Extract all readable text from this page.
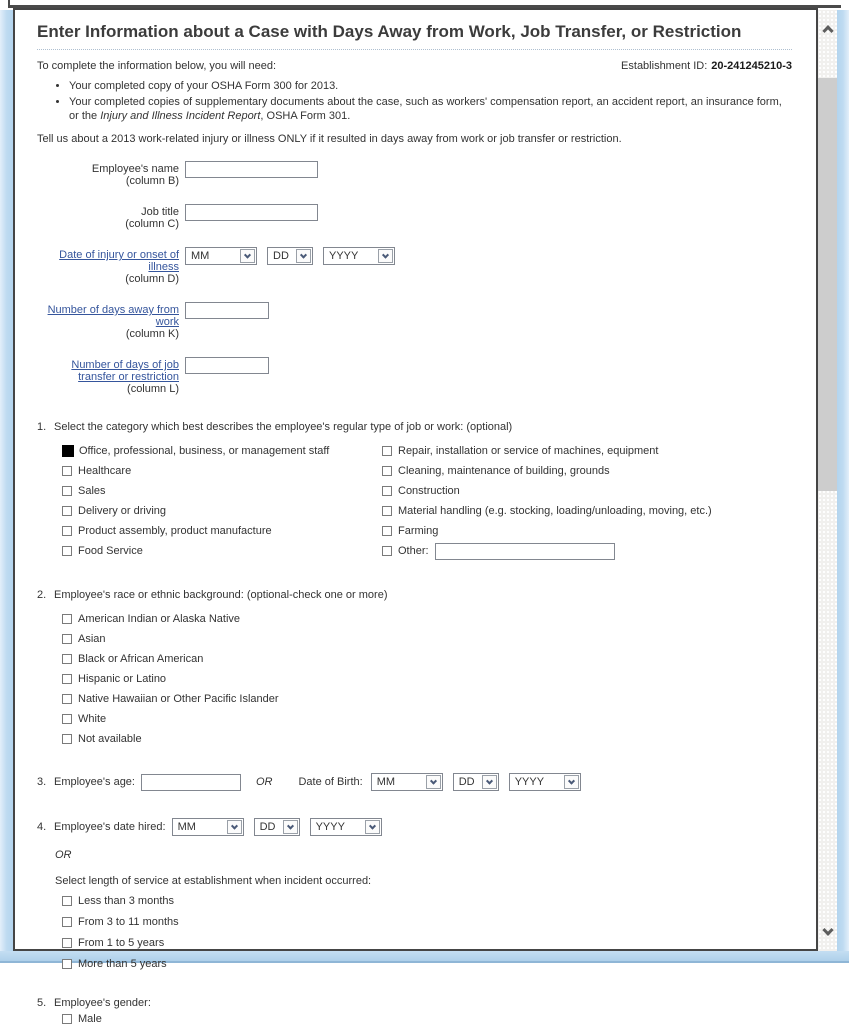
Enter Information about a Case with Days Away from Work, Job Transfer, or Restriction
To complete the information below, you will need:	Establishment ID: 20-241245210-3
• Your completed copy of your OSHA Form 300 for 2013.
• Your completed copies of supplementary documents about the case, such as workers' compensation report, an accident report, an insurance form, or the Injury and Illness Incident Report, OSHA Form 301.
Tell us about a 2013 work-related injury or illness ONLY if it resulted in days away from work or job transfer or restriction.
Employee's name
(column B)
Job title
(column C)
Date of injury or onset of illness
(column D)
MM	DD	YYYY
Number of days away from work
(column K)
Number of days of job transfer or restriction
(column L)
1. Select the category which best describes the employee's regular type of job or work: (optional)
Office, professional, business, or management staff
Healthcare
Sales
Delivery or driving
Product assembly, product manufacture
Food Service
Repair, installation or service of machines, equipment
Cleaning, maintenance of building, grounds
Construction
Material handling (e.g. stocking, loading/unloading, moving, etc.)
Farming
Other:
2. Employee's race or ethnic background: (optional-check one or more)
American Indian or Alaska Native
Asian
Black or African American
Hispanic or Latino
Native Hawaiian or Other Pacific Islander
White
Not available
3. Employee's age:	OR Date of Birth: MM	DD	YYYY
4. Employee's date hired: MM	DD	YYYY
OR
Select length of service at establishment when incident occurred:
Less than 3 months
From 3 to 11 months
From 1 to 5 years
More than 5 years
5. Employee's gender:
Male
